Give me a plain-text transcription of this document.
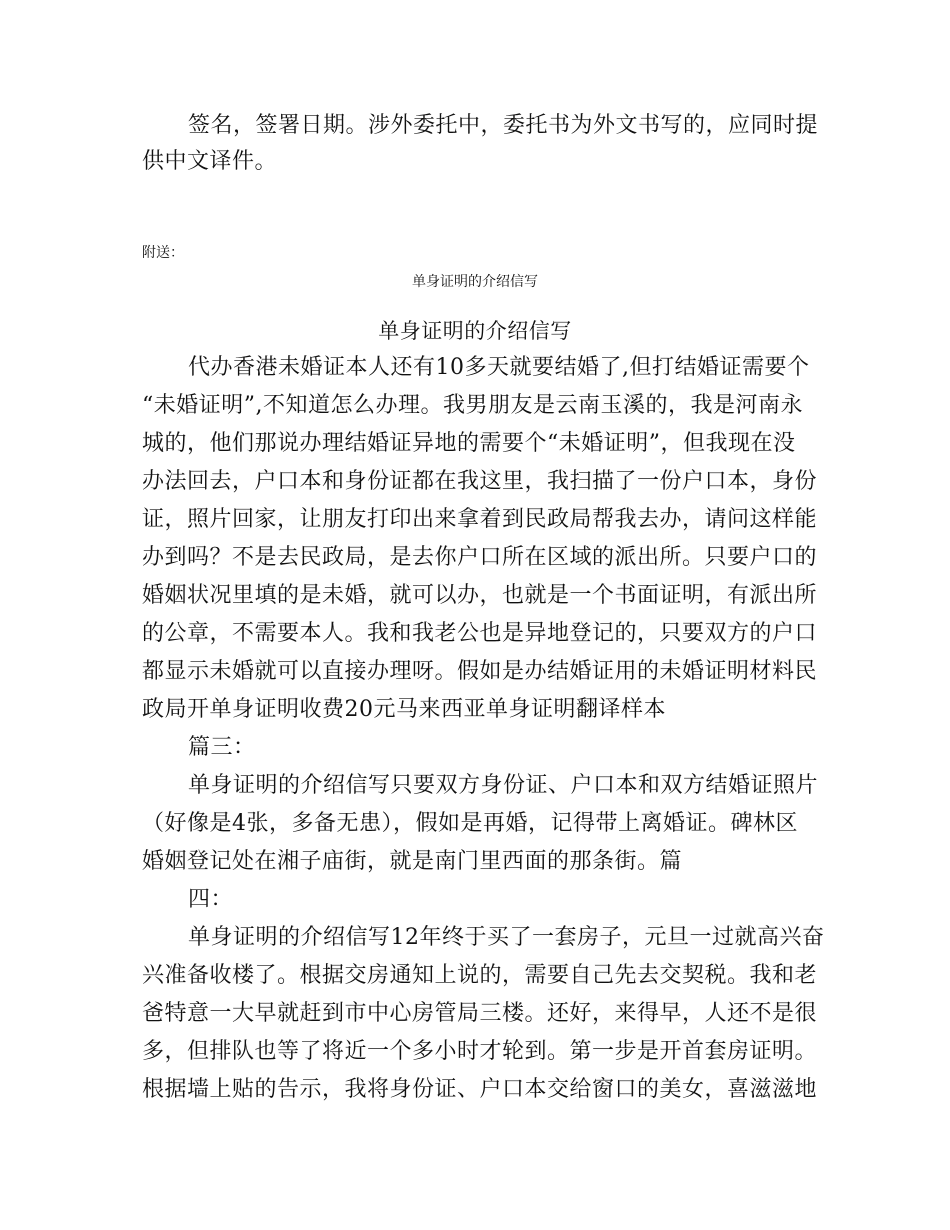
签名，签署日期。涉外委托中，委托书为外文书写的，应同时提
供中文译件。
附送：
单身证明的介绍信写
单身证明的介绍信写
代办香港未婚证本人还有10多天就要结婚了,但打结婚证需要个
“未婚证明”,不知道怎么办理。我男朋友是云南玉溪的，我是河南永
城的，他们那说办理结婚证异地的需要个“未婚证明”，但我现在没
办法回去，户口本和身份证都在我这里，我扫描了一份户口本，身份
证，照片回家，让朋友打印出来拿着到民政局帮我去办，请问这样能
办到吗？不是去民政局，是去你户口所在区域的派出所。只要户口的
婚姻状况里填的是未婚，就可以办，也就是一个书面证明，有派出所
的公章，不需要本人。我和我老公也是异地登记的，只要双方的户口
都显示未婚就可以直接办理呀。假如是办结婚证用的未婚证明材料民
政局开单身证明收费20元马来西亚单身证明翻译样本
篇三：
单身证明的介绍信写只要双方身份证、户口本和双方结婚证照片
（好像是4张，多备无患），假如是再婚，记得带上离婚证。碑林区
婚姻登记处在湘子庙街，就是南门里西面的那条街。篇
四：
单身证明的介绍信写12年终于买了一套房子，元旦一过就高兴奋
兴准备收楼了。根据交房通知上说的，需要自己先去交契税。我和老
爸特意一大早就赶到市中心房管局三楼。还好，来得早，人还不是很
多，但排队也等了将近一个多小时才轮到。第一步是开首套房证明。
根据墙上贴的告示，我将身份证、户口本交给窗口的美女，喜滋滋地
